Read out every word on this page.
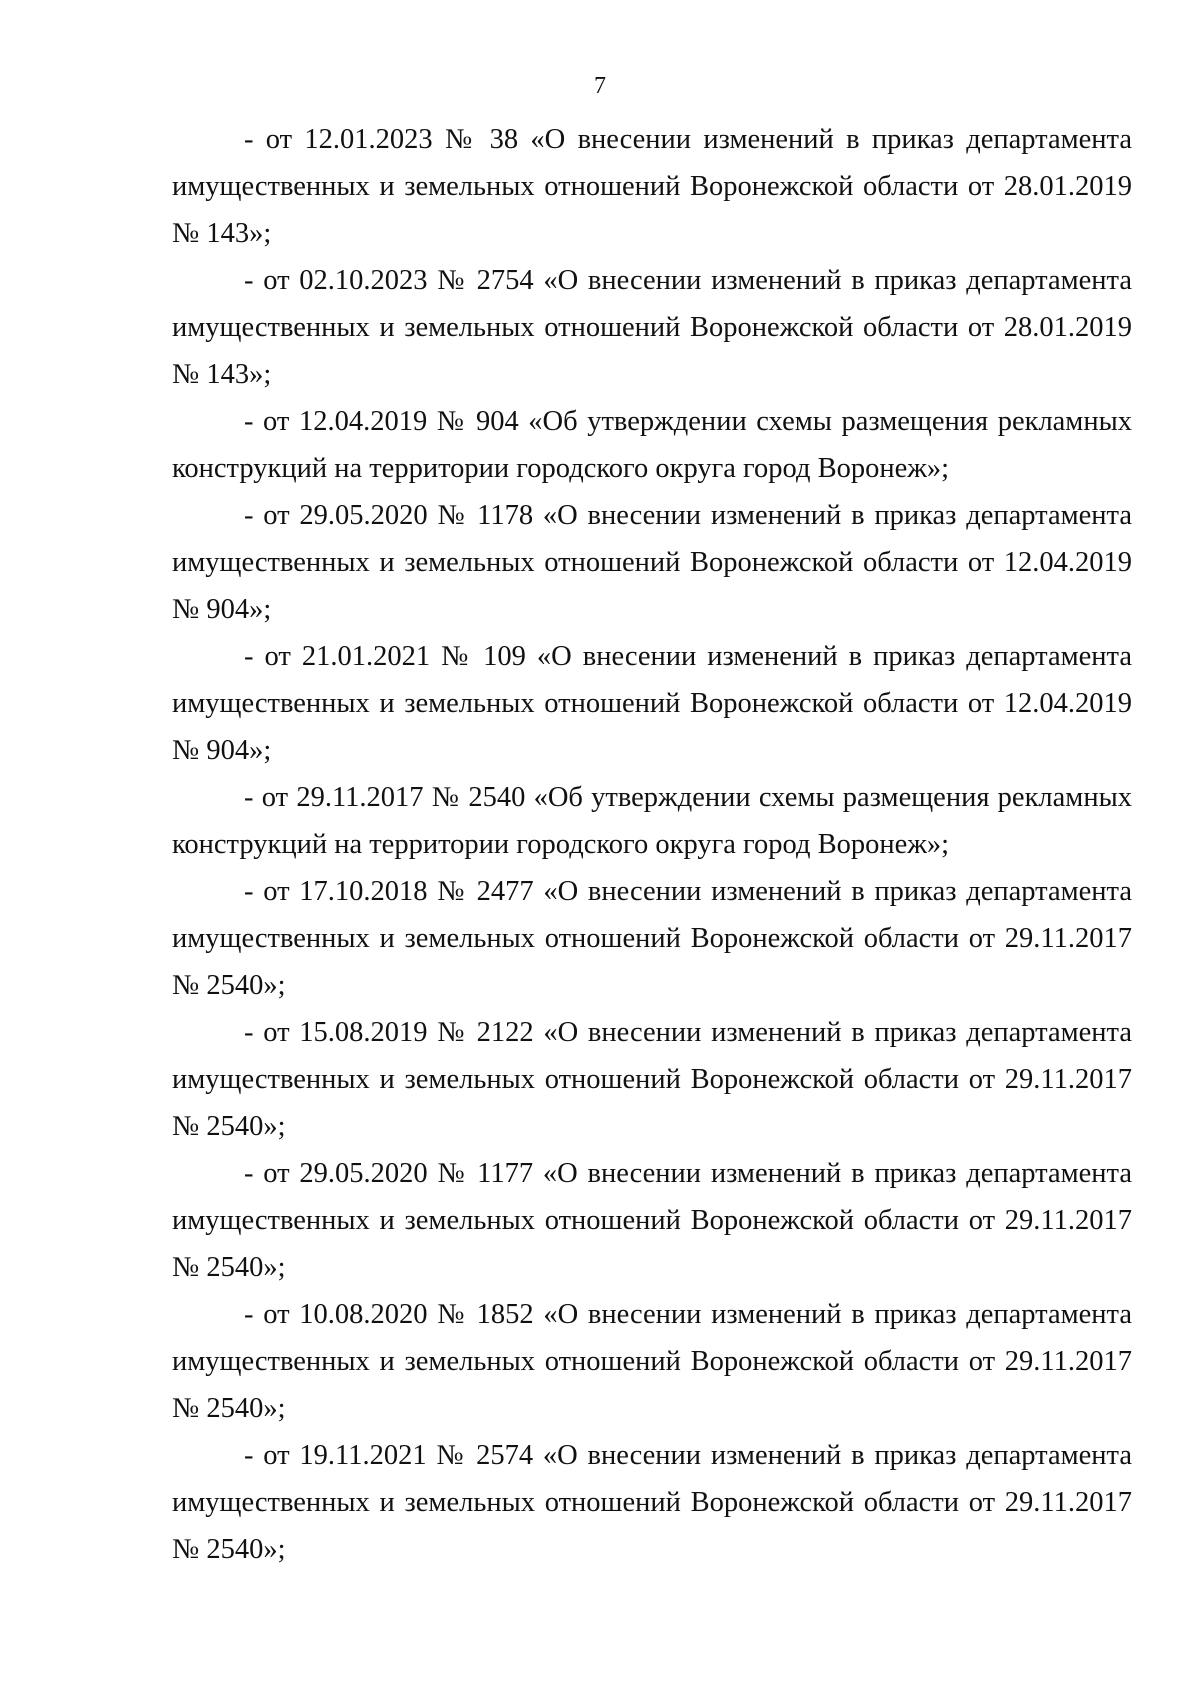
7

- от 12.01.2023 № 38 «О внесении изменений в приказ департамента имущественных и земельных отношений Воронежской области от 28.01.2019 № 143»;

- от 02.10.2023 № 2754 «О внесении изменений в приказ департамента имущественных и земельных отношений Воронежской области от 28.01.2019 № 143»;

- от 12.04.2019 № 904 «Об утверждении схемы размещения рекламных конструкций на территории городского округа город Воронеж»;

- от 29.05.2020 № 1178 «О внесении изменений в приказ департамента имущественных и земельных отношений Воронежской области от 12.04.2019 № 904»;

- от 21.01.2021 № 109 «О внесении изменений в приказ департамента имущественных и земельных отношений Воронежской области от 12.04.2019 № 904»;

- от 29.11.2017 № 2540 «Об утверждении схемы размещения рекламных конструкций на территории городского округа город Воронеж»;

- от 17.10.2018 № 2477 «О внесении изменений в приказ департамента имущественных и земельных отношений Воронежской области от 29.11.2017 № 2540»;

- от 15.08.2019 № 2122 «О внесении изменений в приказ департамента имущественных и земельных отношений Воронежской области от 29.11.2017 № 2540»;

- от 29.05.2020 № 1177 «О внесении изменений в приказ департамента имущественных и земельных отношений Воронежской области от 29.11.2017 № 2540»;

- от 10.08.2020 № 1852 «О внесении изменений в приказ департамента имущественных и земельных отношений Воронежской области от 29.11.2017 № 2540»;

- от 19.11.2021 № 2574 «О внесении изменений в приказ департамента имущественных и земельных отношений Воронежской области от 29.11.2017 № 2540»;
